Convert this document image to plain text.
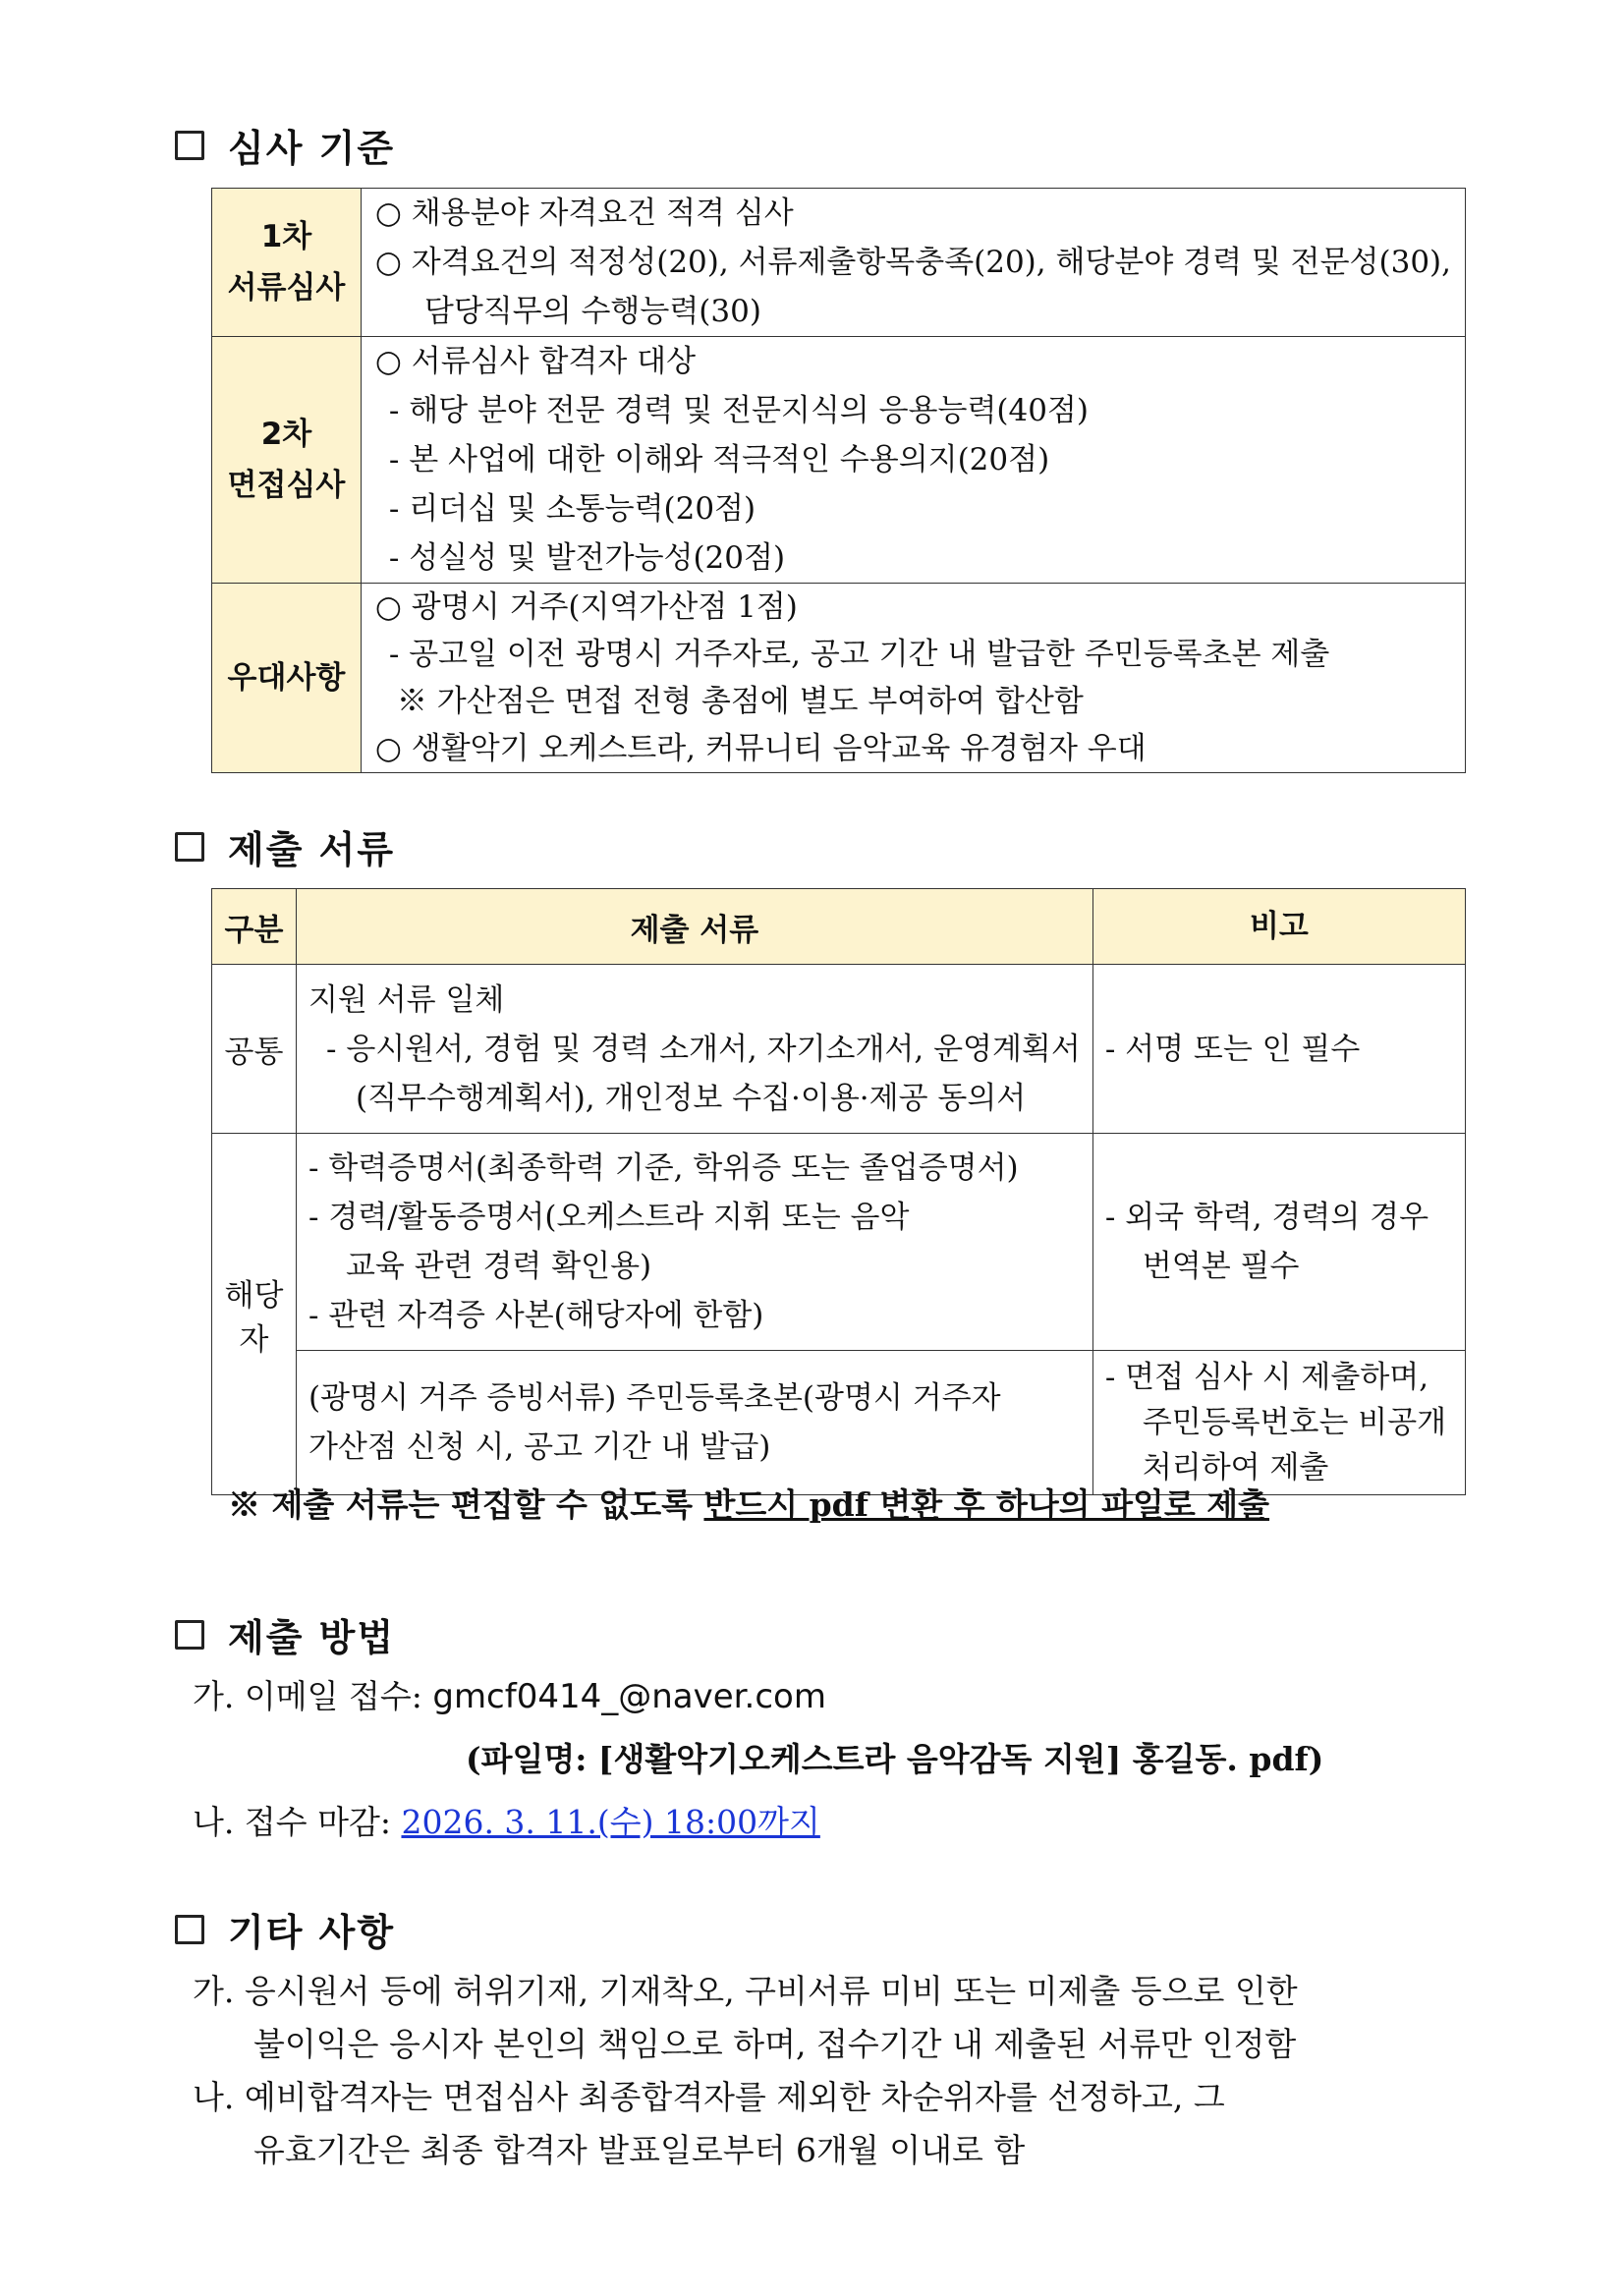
심사 기준
1차
서류심사	○ 채용분야 자격요건 적격 심사
○ 자격요건의 적정성(20), 서류제출항목충족(20), 해당분야 경력 및 전문성(30),
담당직무의 수행능력(30)

2차
면접심사	○ 서류심사 합격자 대상
- 해당 분야 전문 경력 및 전문지식의 응용능력(40점)
- 본 사업에 대한 이해와 적극적인 수용의지(20점)
- 리더십 및 소통능력(20점)
- 성실성 및 발전가능성(20점)

우대사항	○ 광명시 거주(지역가산점 1점)
- 공고일 이전 광명시 거주자로, 공고 기간 내 발급한 주민등록초본 제출
※ 가산점은 면접 전형 총점에 별도 부여하여 합산함
○ 생활악기 오케스트라, 커뮤니티 음악교육 유경험자 우대
제출 서류
구분	제출 서류	비고
공통	지원 서류 일체
- 응시원서, 경험 및 경력 소개서, 자기소개서, 운영계획서
(직무수행계획서), 개인정보 수집·이용·제공 동의서	- 서명 또는 인 필수

해당자	- 학력증명서(최종학력 기준, 학위증 또는 졸업증명서)
- 경력/활동증명서(오케스트라 지휘 또는 음악
교육 관련 경력 확인용)
- 관련 자격증 사본(해당자에 한함)	- 외국 학력, 경력의 경우
번역본 필수

	(광명시 거주 증빙서류) 주민등록초본(광명시 거주자
가산점 신청 시, 공고 기간 내 발급)	- 면접 심사 시 제출하며,
주민등록번호는 비공개
처리하여 제출
※ 제출 서류는 편집할 수 없도록 반드시 pdf 변환 후 하나의 파일로 제출
제출 방법
가. 이메일 접수: gmcf0414_@naver.com
(파일명: [생활악기오케스트라 음악감독 지원] 홍길동. pdf)
나. 접수 마감: 2026. 3. 11.(수) 18:00까지
기타 사항
가. 응시원서 등에 허위기재, 기재착오, 구비서류 미비 또는 미제출 등으로 인한
불이익은 응시자 본인의 책임으로 하며, 접수기간 내 제출된 서류만 인정함
나. 예비합격자는 면접심사 최종합격자를 제외한 차순위자를 선정하고, 그
유효기간은 최종 합격자 발표일로부터 6개월 이내로 함
